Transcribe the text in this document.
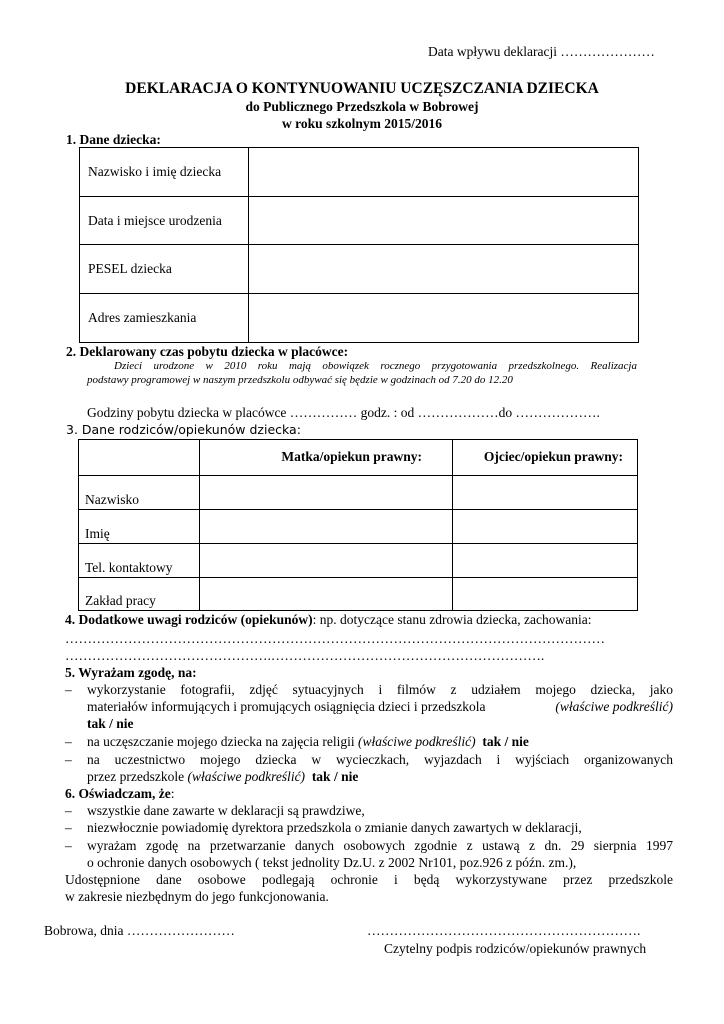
Data wpływu deklaracji …………………
DEKLARACJA O KONTYNUOWANIU UCZĘSZCZANIA DZIECKA
do Publicznego Przedszkola w Bobrowej
w roku szkolnym 2015/2016
1. Dane dziecka:
Nazwisko i imię dziecka	
Data i miejsce urodzenia	
PESEL dziecka	
Adres zamieszkania	
2. Deklarowany czas pobytu dziecka w placówce:
Dzieci urodzone w 2010 roku mają obowiązek rocznego przygotowania przedszkolnego. Realizacja
podstawy programowej w naszym przedszkolu odbywać się będzie w godzinach od 7.20 do 12.20
Godziny pobytu dziecka w placówce …………… godz. : od ………………do ……………….
3. Dane rodziców/opiekunów dziecka:
	Matka/opiekun prawny:	Ojciec/opiekun prawny:
Nazwisko		
Imię		
Tel. kontaktowy		
Zakład pracy		
4. Dodatkowe uwagi rodziców (opiekunów): np. dotyczące stanu zdrowia dziecka, zachowania:
…………………………………………………………………………………………………………
……………………………………….…………………………………………………….
5. Wyrażam zgodę, na:
– wykorzystanie fotografii, zdjęć sytuacyjnych i filmów z udziałem mojego dziecka, jako
materiałów informujących i promujących osiągnięcia dzieci i przedszkola	(właściwe podkreślić)
tak / nie
– na uczęszczanie mojego dziecka na zajęcia religii (właściwe podkreślić) tak / nie
– na uczestnictwo mojego dziecka w wycieczkach, wyjazdach i wyjściach organizowanych
przez przedszkole (właściwe podkreślić) tak / nie
6. Oświadczam, że:
– wszystkie dane zawarte w deklaracji są prawdziwe,
– niezwłocznie powiadomię dyrektora przedszkola o zmianie danych zawartych w deklaracji,
– wyrażam zgodę na przetwarzanie danych osobowych zgodnie z ustawą z dn. 29 sierpnia 1997
o ochronie danych osobowych ( tekst jednolity Dz.U. z 2002 Nr101, poz.926 z późn. zm.),
Udostępnione dane osobowe podlegają ochronie i będą wykorzystywane przez przedszkole
w zakresie niezbędnym do jego funkcjonowania.
Bobrowa, dnia ……………………	…………………………………………………….
Czytelny podpis rodziców/opiekunów prawnych
